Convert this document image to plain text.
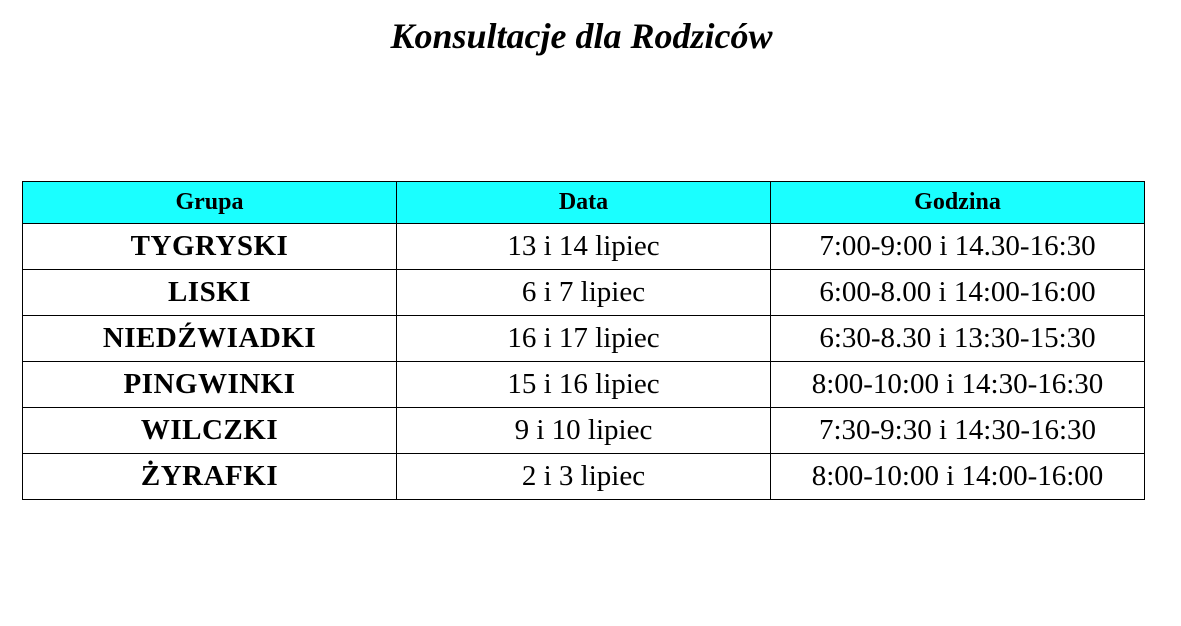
Konsultacje dla Rodziców
Grupa	Data	Godzina
TYGRYSKI	13 i 14 lipiec	7:00-9:00 i 14.30-16:30
LISKI	6 i 7 lipiec	6:00-8.00 i 14:00-16:00
NIEDŹWIADKI	16 i 17 lipiec	6:30-8.30 i 13:30-15:30
PINGWINKI	15 i 16 lipiec	8:00-10:00 i 14:30-16:30
WILCZKI	9 i 10 lipiec	7:30-9:30 i 14:30-16:30
ŻYRAFKI	2 i 3 lipiec	8:00-10:00 i 14:00-16:00
